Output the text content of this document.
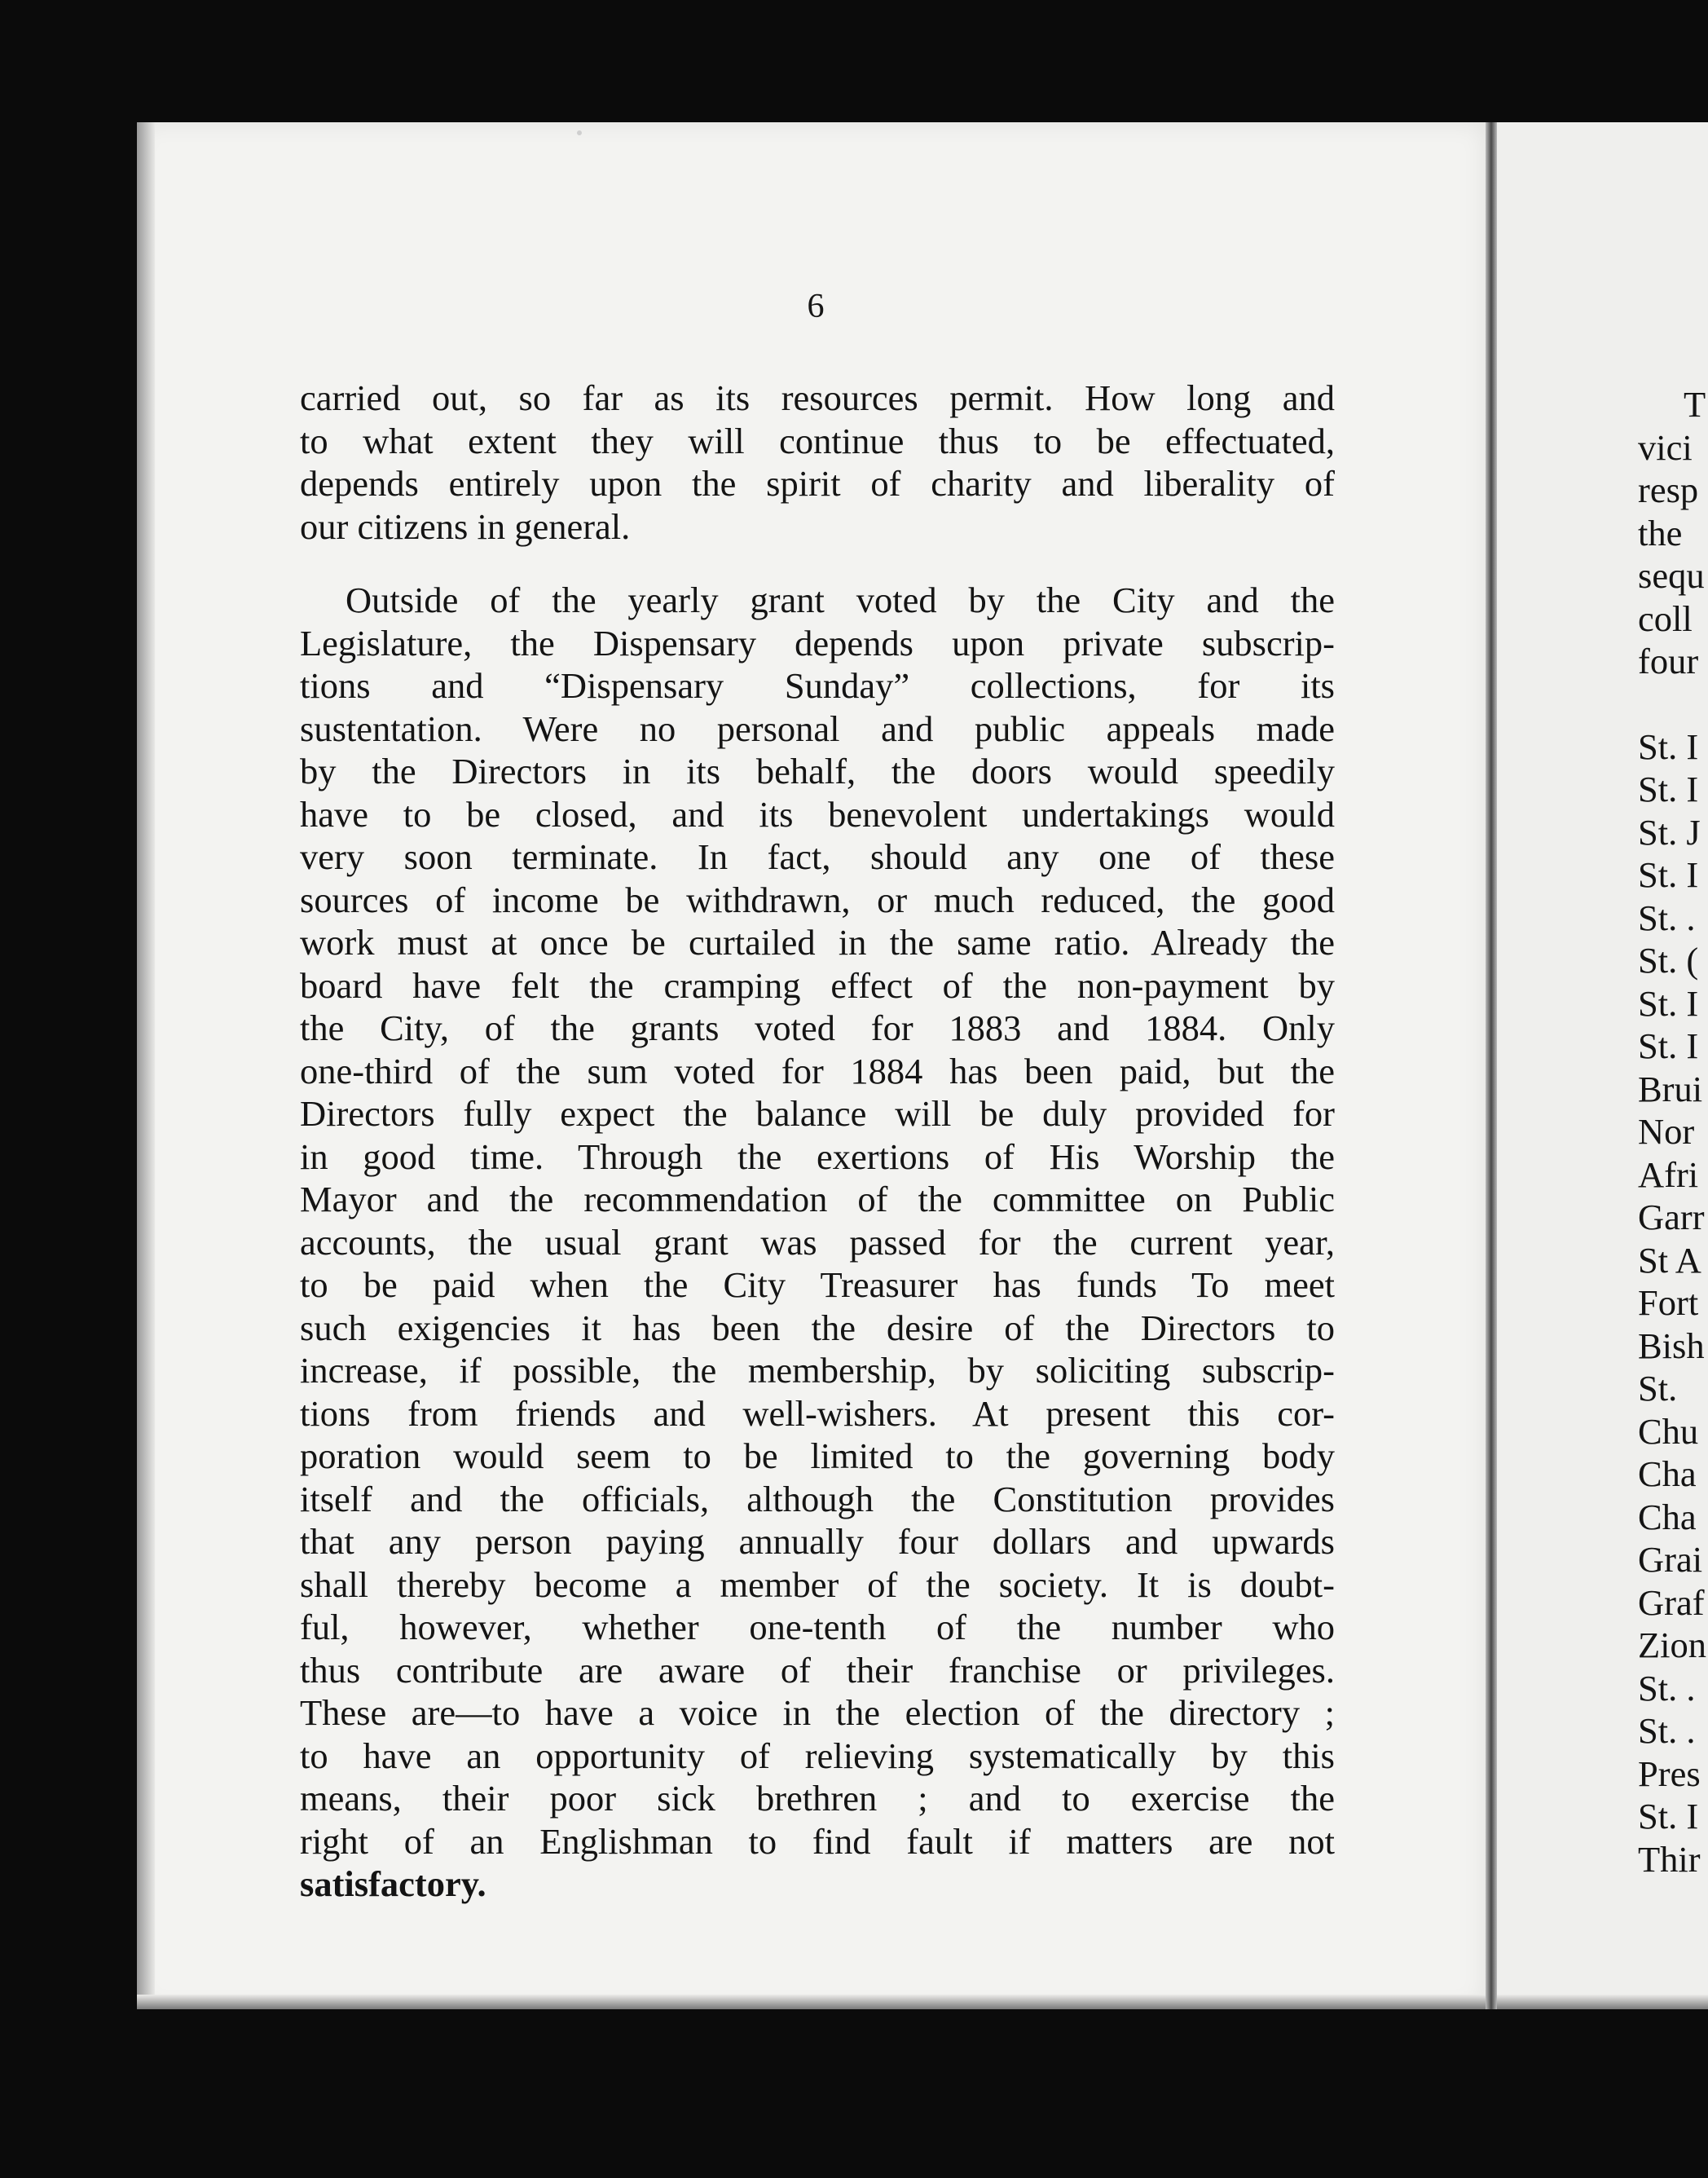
6
carried out, so far as its resources permit. How long and
to what extent they will continue thus to be effectuated,
depends entirely upon the spirit of charity and liberality of
our citizens in general.
Outside of the yearly grant voted by the City and the
Legislature, the Dispensary depends upon private subscrip-
tions and “Dispensary Sunday” collections, for its
sustentation. Were no personal and public appeals made
by the Directors in its behalf, the doors would speedily
have to be closed, and its benevolent undertakings would
very soon terminate. In fact, should any one of these
sources of income be withdrawn, or much reduced, the good
work must at once be curtailed in the same ratio. Already the
board have felt the cramping effect of the non-payment by
the City, of the grants voted for 1883 and 1884. Only
one-third of the sum voted for 1884 has been paid, but the
Directors fully expect the balance will be duly provided for
in good time. Through the exertions of His Worship the
Mayor and the recommendation of the committee on Public
accounts, the usual grant was passed for the current year,
to be paid when the City Treasurer has funds To meet
such exigencies it has been the desire of the Directors to
increase, if possible, the membership, by soliciting subscrip-
tions from friends and well-wishers. At present this cor-
poration would seem to be limited to the governing body
itself and the officials, although the Constitution provides
that any person paying annually four dollars and upwards
shall thereby become a member of the society. It is doubt-
ful, however, whether one-tenth of the number who
thus contribute are aware of their franchise or privileges.
These are—to have a voice in the election of the directory ;
to have an opportunity of relieving systematically by this
means, their poor sick brethren ; and to exercise the
right of an Englishman to find fault if matters are not
satisfactory.
T
vici
resp
the
sequ
coll
four
St. I
St. I
St. J
St. I
St. .
St. (
St. I
St. I
Brui
Nor
Afri
Garr
St A
Fort
Bish
St.
Chu
Cha
Cha
Grai
Graf
Zion
St. .
St. .
Pres
St. I
Thir
